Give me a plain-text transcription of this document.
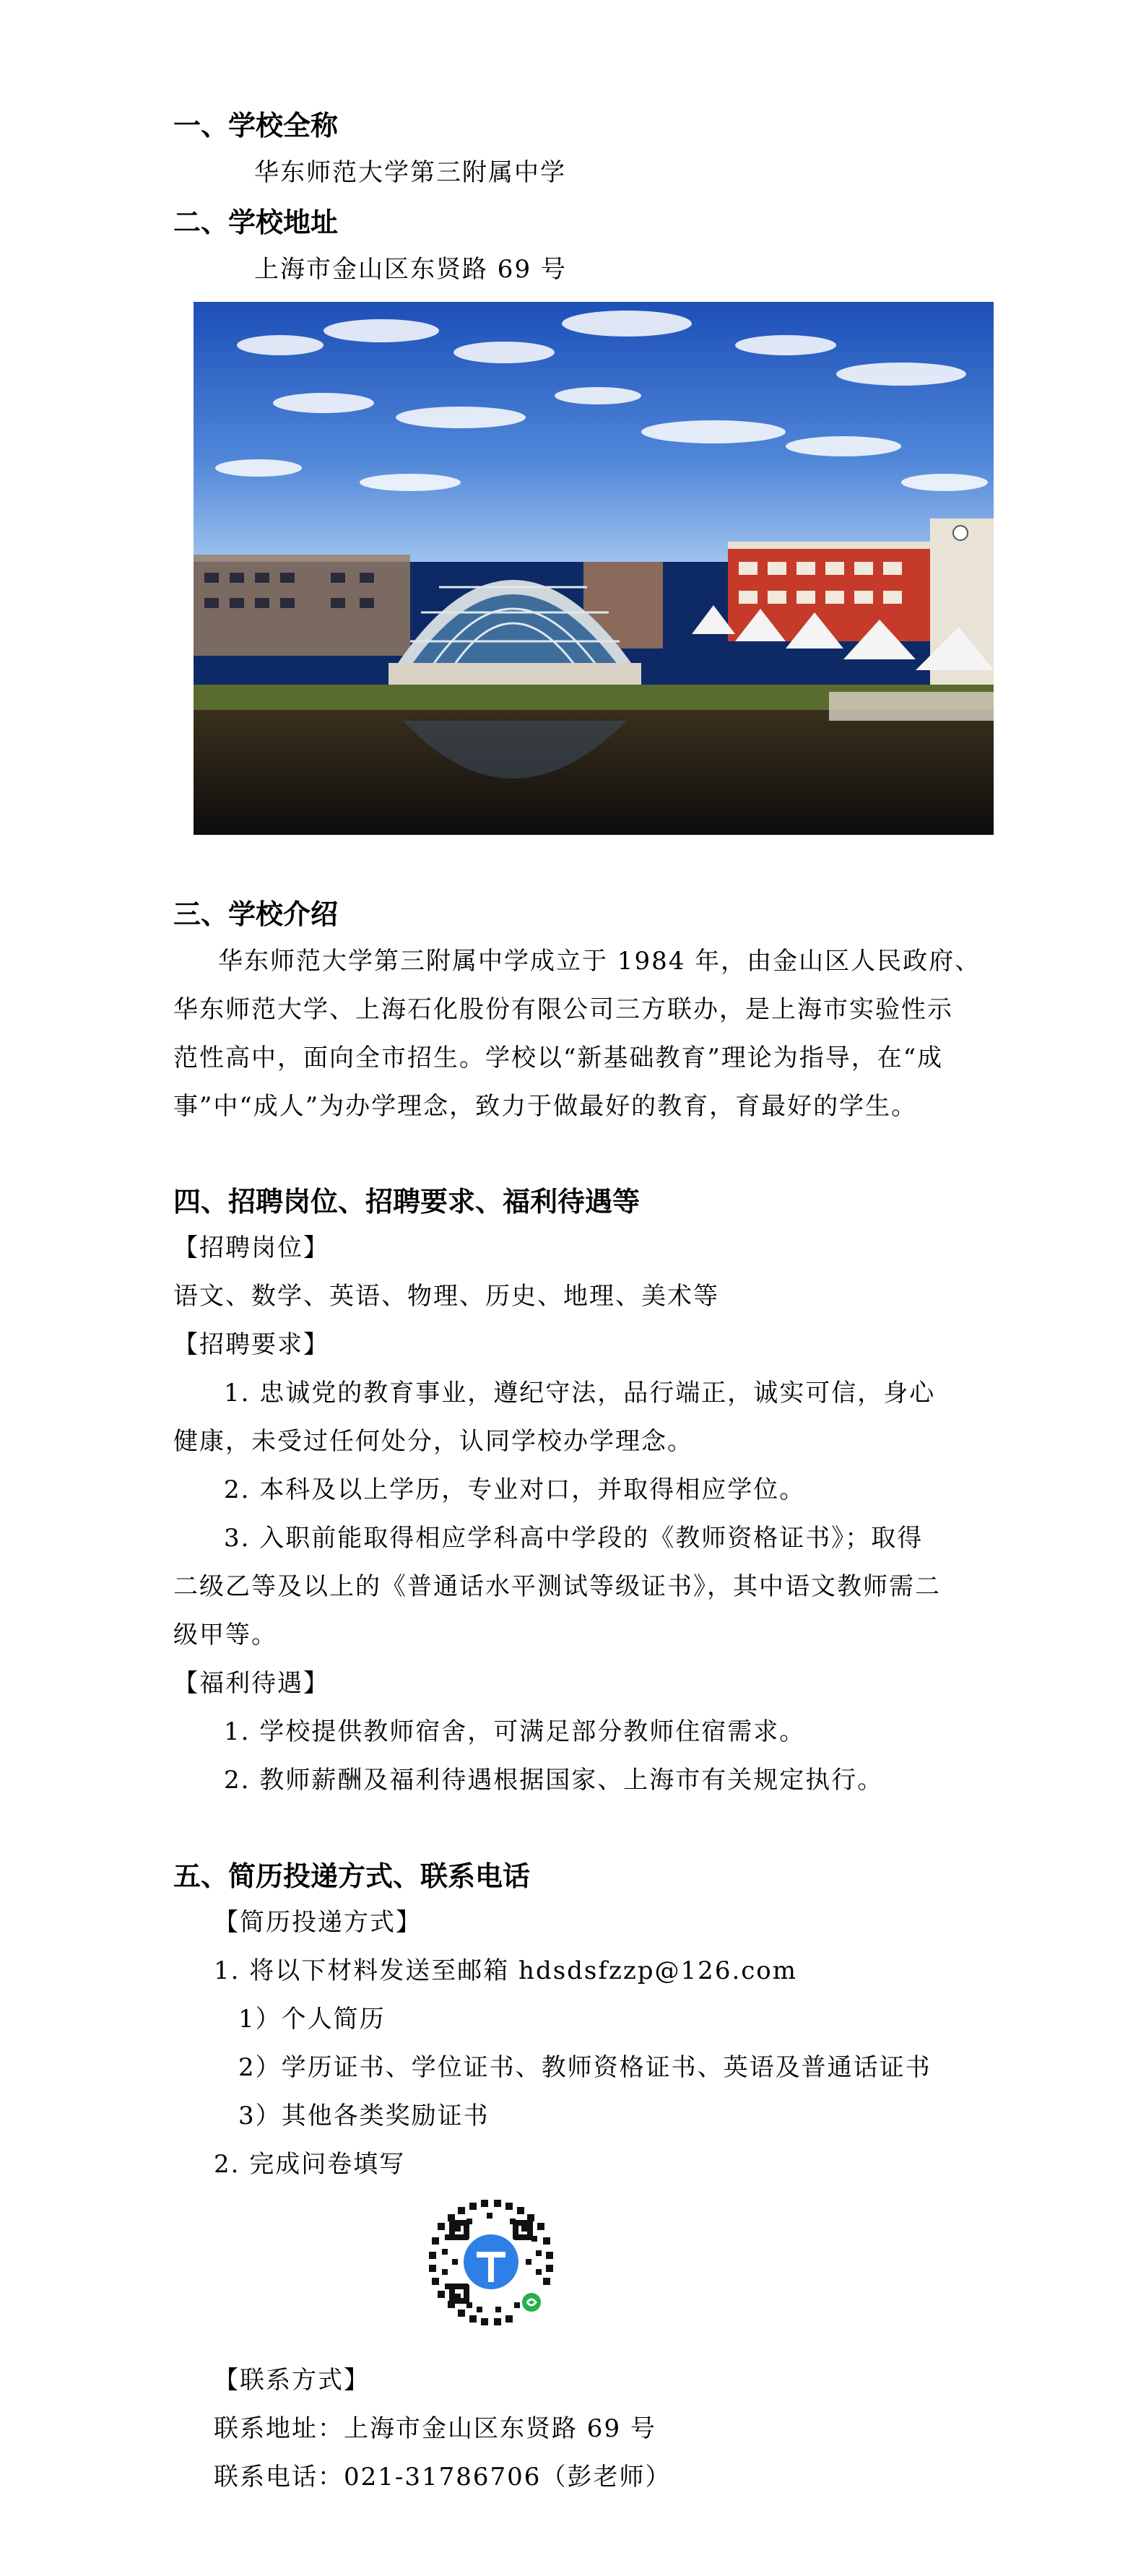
一、学校全称
华东师范大学第三附属中学
二、学校地址
上海市金山区东贤路 69 号
三、学校介绍
华东师范大学第三附属中学成立于 1984 年，由金山区人民政府、
华东师范大学、上海石化股份有限公司三方联办，是上海市实验性示
范性高中，面向全市招生。学校以“新基础教育”理论为指导，在“成
事”中“成人”为办学理念，致力于做最好的教育，育最好的学生。
四、招聘岗位、招聘要求、福利待遇等
【招聘岗位】
语文、数学、英语、物理、历史、地理、美术等
【招聘要求】
1. 忠诚党的教育事业，遵纪守法，品行端正，诚实可信，身心
健康，未受过任何处分，认同学校办学理念。
2. 本科及以上学历，专业对口，并取得相应学位。
3. 入职前能取得相应学科高中学段的《教师资格证书》；取得
二级乙等及以上的《普通话水平测试等级证书》，其中语文教师需二
级甲等。
【福利待遇】
1. 学校提供教师宿舍，可满足部分教师住宿需求。
2. 教师薪酬及福利待遇根据国家、上海市有关规定执行。
五、简历投递方式、联系电话
【简历投递方式】
1. 将以下材料发送至邮箱 hdsdsfzzp@126.com
1）个人简历
2）学历证书、学位证书、教师资格证书、英语及普通话证书
3）其他各类奖励证书
2. 完成问卷填写
【联系方式】
联系地址：上海市金山区东贤路 69 号
联系电话：021-31786706（彭老师）
